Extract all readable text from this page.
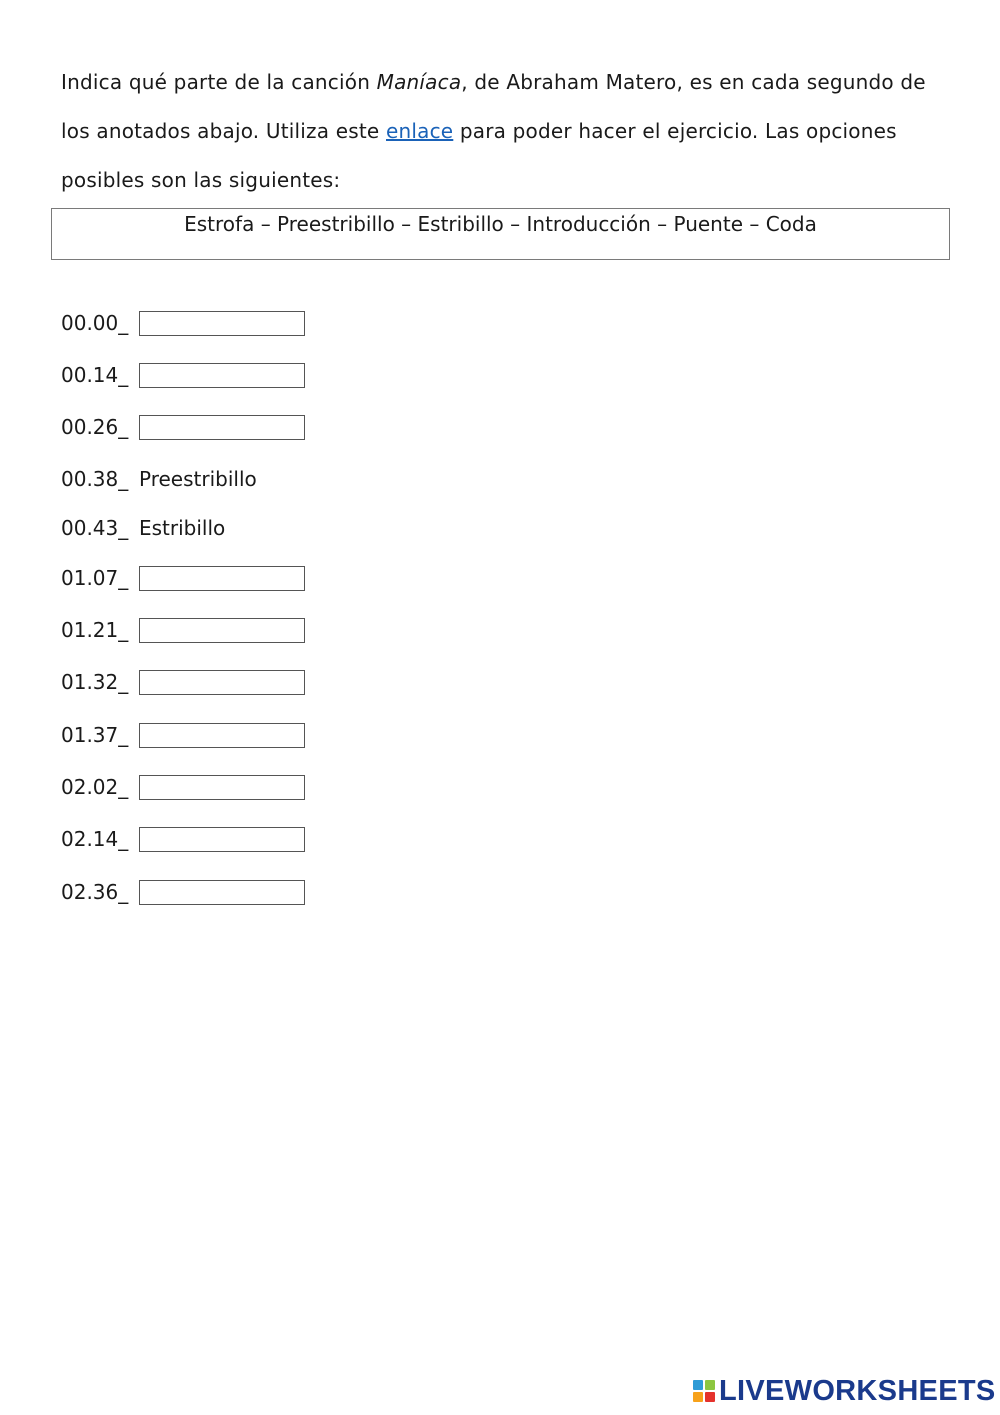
Indica qué parte de la canción Maníaca, de Abraham Matero, es en cada segundo de los anotados abajo. Utiliza este enlace para poder hacer el ejercicio. Las opciones posibles son las siguientes:
Estrofa – Preestribillo – Estribillo – Introducción – Puente – Coda
00.00_
00.14_
00.26_
00.38_ Preestribillo
00.43_ Estribillo
01.07_
01.21_
01.32_
01.37_
02.02_
02.14_
02.36_
LIVEWORKSHEETS
